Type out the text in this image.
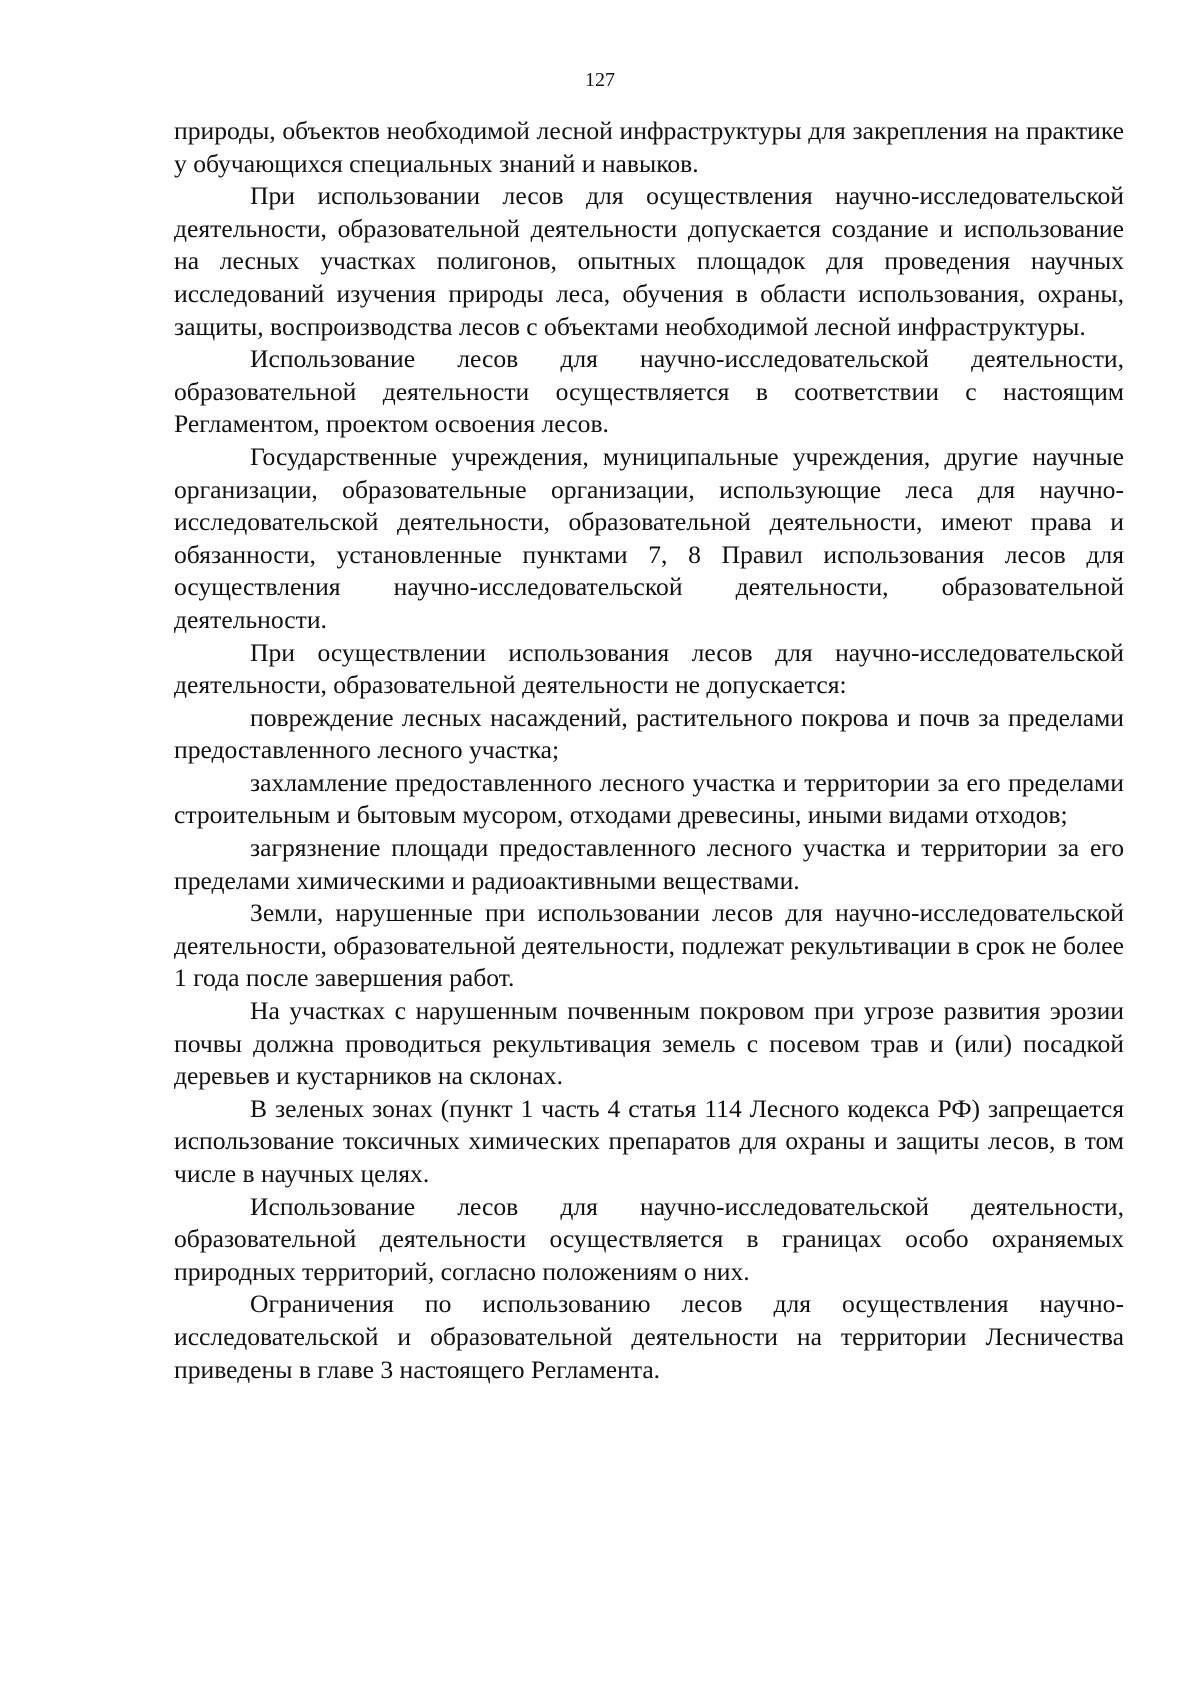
127

природы, объектов необходимой лесной инфраструктуры для закрепления на практике у обучающихся специальных знаний и навыков.

При использовании лесов для осуществления научно-исследовательской деятельности, образовательной деятельности допускается создание и использование на лесных участках полигонов, опытных площадок для проведения научных исследований изучения природы леса, обучения в области использования, охраны, защиты, воспроизводства лесов с объектами необходимой лесной инфраструктуры.

Использование лесов для научно-исследовательской деятельности, образовательной деятельности осуществляется в соответствии с настоящим Регламентом, проектом освоения лесов.

Государственные учреждения, муниципальные учреждения, другие научные организации, образовательные организации, использующие леса для научно-исследовательской деятельности, образовательной деятельности, имеют права и обязанности, установленные пунктами 7, 8 Правил использования лесов для осуществления научно-исследовательской деятельности, образовательной деятельности.

При осуществлении использования лесов для научно-исследовательской деятельности, образовательной деятельности не допускается:

повреждение лесных насаждений, растительного покрова и почв за пределами предоставленного лесного участка;

захламление предоставленного лесного участка и территории за его пределами строительным и бытовым мусором, отходами древесины, иными видами отходов;

загрязнение площади предоставленного лесного участка и территории за его пределами химическими и радиоактивными веществами.

Земли, нарушенные при использовании лесов для научно-исследовательской деятельности, образовательной деятельности, подлежат рекультивации в срок не более 1 года после завершения работ.

На участках с нарушенным почвенным покровом при угрозе развития эрозии почвы должна проводиться рекультивация земель с посевом трав и (или) посадкой деревьев и кустарников на склонах.

В зеленых зонах (пункт 1 часть 4 статья 114 Лесного кодекса РФ) запрещается использование токсичных химических препаратов для охраны и защиты лесов, в том числе в научных целях.

Использование лесов для научно-исследовательской деятельности, образовательной деятельности осуществляется в границах особо охраняемых природных территорий, согласно положениям о них.

Ограничения по использованию лесов для осуществления научно-исследовательской и образовательной деятельности на территории Лесничества приведены в главе 3 настоящего Регламента.
